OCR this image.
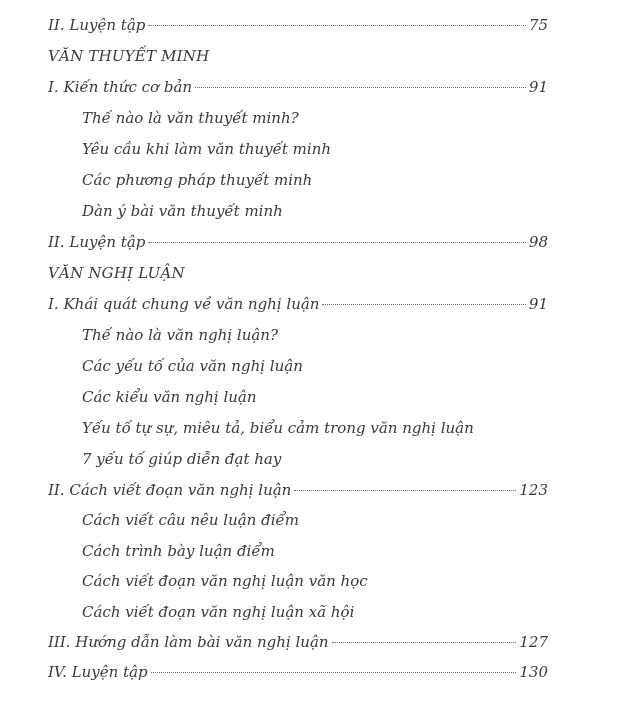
II. Luyện tập	75
VĂN THUYẾT MINH
I. Kiến thức cơ bản	91
Thế nào là văn thuyết minh?
Yêu cầu khi làm văn thuyết minh
Các phương pháp thuyết minh
Dàn ý bài văn thuyết minh
II. Luyện tập	98
VĂN NGHỊ LUẬN
I. Khái quát chung về văn nghị luận	91
Thế nào là văn nghị luận?
Các yếu tố của văn nghị luận
Các kiểu văn nghị luận
Yếu tố tự sự, miêu tả, biểu cảm trong văn nghị luận
7 yếu tố giúp diễn đạt hay
II. Cách viết đoạn văn nghị luận	123
Cách viết câu nêu luận điểm
Cách trình bày luận điểm
Cách viết đoạn văn nghị luận văn học
Cách viết đoạn văn nghị luận xã hội
III. Hướng dẫn làm bài văn nghị luận	127
IV. Luyện tập	130
